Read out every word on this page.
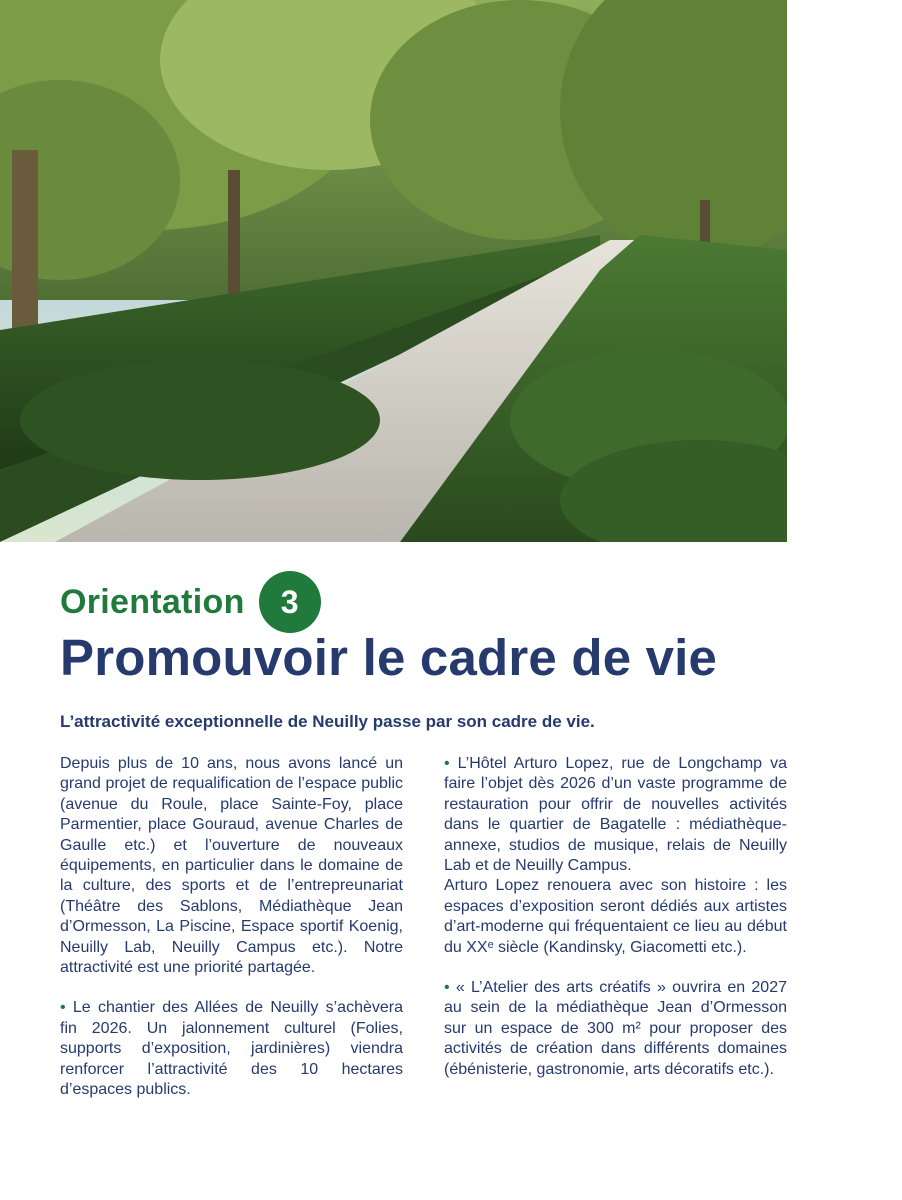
Orientation	3
Promouvoir le cadre de vie

L’attractivité exceptionnelle de Neuilly passe par son cadre de vie.

Depuis plus de 10 ans, nous avons lancé un grand projet de requalification de l’espace public (avenue du Roule, place Sainte-Foy, place Parmentier, place Gouraud, avenue Charles de Gaulle etc.) et l’ouverture de nouveaux équipements, en particulier dans le domaine de la culture, des sports et de l’entrepreunariat (Théâtre des Sablons, Médiathèque Jean d’Ormesson, La Piscine, Espace sportif Koenig, Neuilly Lab, Neuilly Campus etc.). Notre attractivité est une priorité partagée.

• Le chantier des Allées de Neuilly s’achèvera fin 2026. Un jalonnement culturel (Folies, supports d’exposition, jardinières) viendra renforcer l’attractivité des 10 hectares d’espaces publics.

• L’Hôtel Arturo Lopez, rue de Longchamp va faire l’objet dès 2026 d’un vaste programme de restauration pour offrir de nouvelles activités dans le quartier de Bagatelle : médiathèque-annexe, studios de musique, relais de Neuilly Lab et de Neuilly Campus.

Arturo Lopez renouera avec son histoire : les espaces d’exposition seront dédiés aux artistes d’art-moderne qui fréquentaient ce lieu au début du XXᵉ siècle (Kandinsky, Giacometti etc.).

• « L’Atelier des arts créatifs » ouvrira en 2027 au sein de la médiathèque Jean d’Ormesson sur un espace de 300 m² pour proposer des activités de création dans différents domaines (ébénisterie, gastronomie, arts décoratifs etc.).
